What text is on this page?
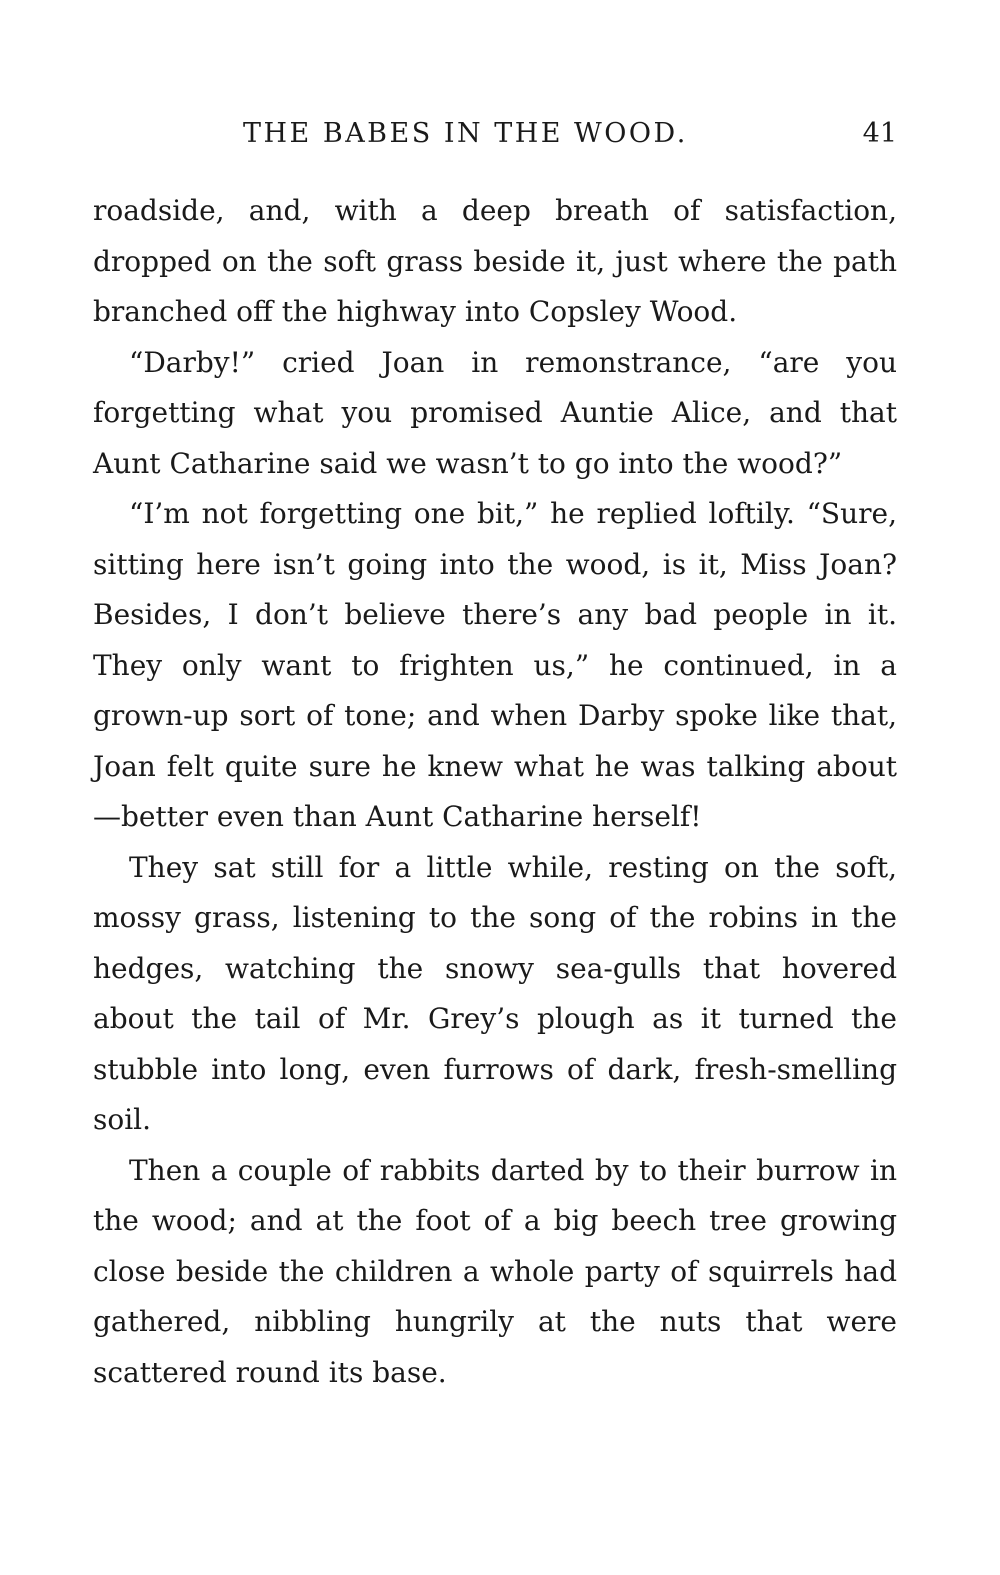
THE BABES IN THE WOOD.	41

roadside, and, with a deep breath of satisfaction, dropped on the soft grass beside it, just where the path branched off the highway into Copsley Wood.

“Darby!” cried Joan in remonstrance, “are you forgetting what you promised Auntie Alice, and that Aunt Catharine said we wasn’t to go into the wood?”

“I’m not forgetting one bit,” he replied loftily. “Sure, sitting here isn’t going into the wood, is it, Miss Joan? Besides, I don’t believe there’s any bad people in it. They only want to frighten us,” he continued, in a grown-up sort of tone; and when Darby spoke like that, Joan felt quite sure he knew what he was talking about—better even than Aunt Catharine herself!

They sat still for a little while, resting on the soft, mossy grass, listening to the song of the robins in the hedges, watching the snowy sea-gulls that hovered about the tail of Mr. Grey’s plough as it turned the stubble into long, even furrows of dark, fresh-smelling soil.

Then a couple of rabbits darted by to their burrow in the wood; and at the foot of a big beech tree growing close beside the children a whole party of squirrels had gathered, nibbling hungrily at the nuts that were scattered round its base.
